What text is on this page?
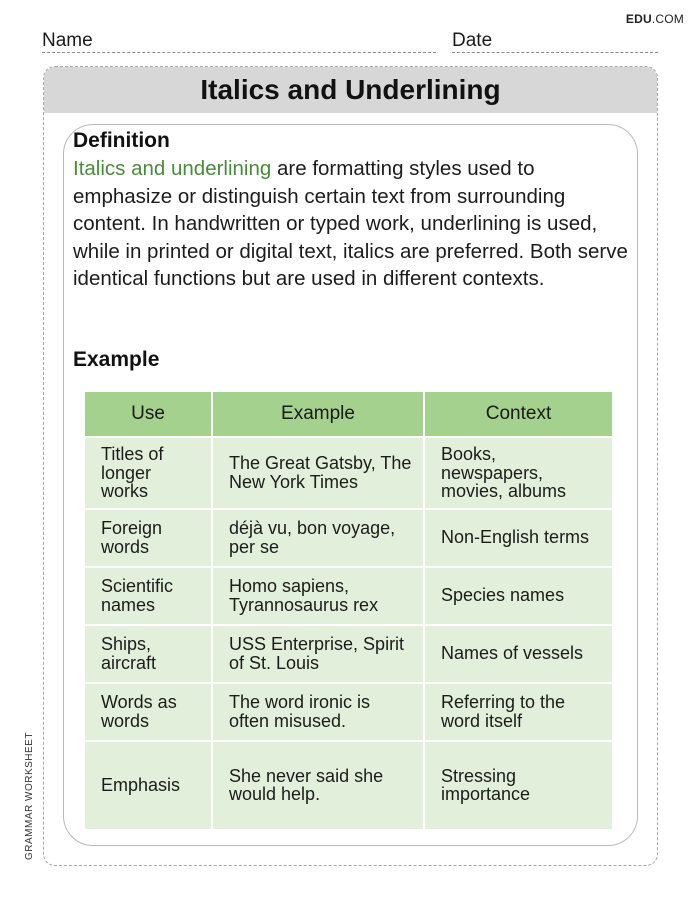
EDU.COM
Name	Date
GRAMMAR WORKSHEET
Italics and Underlining
Definition

Italics and underlining are formatting styles used to emphasize or distinguish certain text from surrounding content. In handwritten or typed work, underlining is used, while in printed or digital text, italics are preferred. Both serve identical functions but are used in different contexts.

Example
Use	Example	Context
Titles of longer works	The Great Gatsby, The New York Times	Books, newspapers, movies, albums
Foreign words	déjà vu, bon voyage, per se	Non-English terms
Scientific names	Homo sapiens, Tyrannosaurus rex	Species names
Ships, aircraft	USS Enterprise, Spirit of St. Louis	Names of vessels
Words as words	The word ironic is often misused.	Referring to the word itself
Emphasis	She never said she would help.	Stressing importance
